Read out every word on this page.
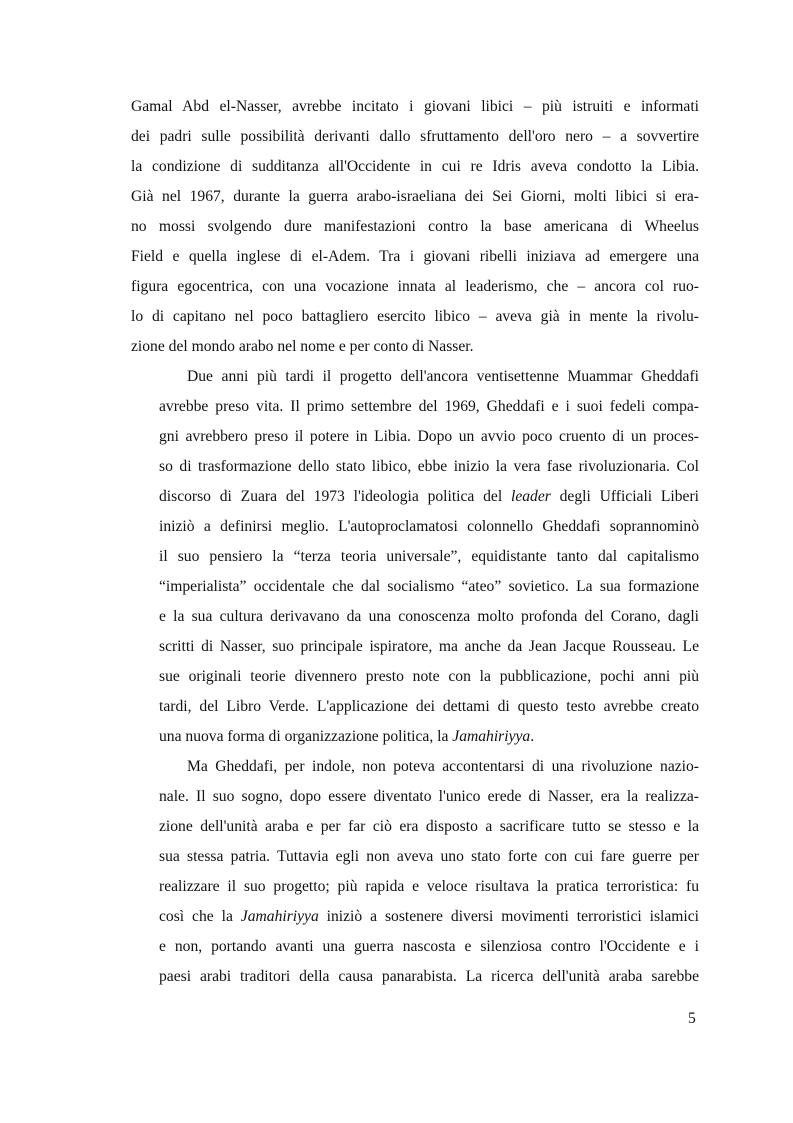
Gamal Abd el-Nasser, avrebbe incitato i giovani libici – più istruiti e informati
dei padri sulle possibilità derivanti dallo sfruttamento dell'oro nero – a sovvertire
la condizione di sudditanza all'Occidente in cui re Idris aveva condotto la Libia.
Già nel 1967, durante la guerra arabo-israeliana dei Sei Giorni, molti libici si era-
no mossi svolgendo dure manifestazioni contro la base americana di Wheelus
Field e quella inglese di el-Adem. Tra i giovani ribelli iniziava ad emergere una
figura egocentrica, con una vocazione innata al leaderismo, che – ancora col ruo-
lo di capitano nel poco battagliero esercito libico – aveva già in mente la rivolu-
zione del mondo arabo nel nome e per conto di Nasser.
Due anni più tardi il progetto dell'ancora ventisettenne Muammar Gheddafi
avrebbe preso vita. Il primo settembre del 1969, Gheddafi e i suoi fedeli compa-
gni avrebbero preso il potere in Libia. Dopo un avvio poco cruento di un proces-
so di trasformazione dello stato libico, ebbe inizio la vera fase rivoluzionaria. Col
discorso di Zuara del 1973 l'ideologia politica del leader degli Ufficiali Liberi
iniziò a definirsi meglio. L'autoproclamatosi colonnello Gheddafi soprannominò
il suo pensiero la “terza teoria universale”, equidistante tanto dal capitalismo
“imperialista” occidentale che dal socialismo “ateo” sovietico. La sua formazione
e la sua cultura derivavano da una conoscenza molto profonda del Corano, dagli
scritti di Nasser, suo principale ispiratore, ma anche da Jean Jacque Rousseau. Le
sue originali teorie divennero presto note con la pubblicazione, pochi anni più
tardi, del Libro Verde. L'applicazione dei dettami di questo testo avrebbe creato
una nuova forma di organizzazione politica, la Jamahiriyya.
Ma Gheddafi, per indole, non poteva accontentarsi di una rivoluzione nazio-
nale. Il suo sogno, dopo essere diventato l'unico erede di Nasser, era la realizza-
zione dell'unità araba e per far ciò era disposto a sacrificare tutto se stesso e la
sua stessa patria. Tuttavia egli non aveva uno stato forte con cui fare guerre per
realizzare il suo progetto; più rapida e veloce risultava la pratica terroristica: fu
così che la Jamahiriyya iniziò a sostenere diversi movimenti terroristici islamici
e non, portando avanti una guerra nascosta e silenziosa contro l'Occidente e i
paesi arabi traditori della causa panarabista. La ricerca dell'unità araba sarebbe
5
